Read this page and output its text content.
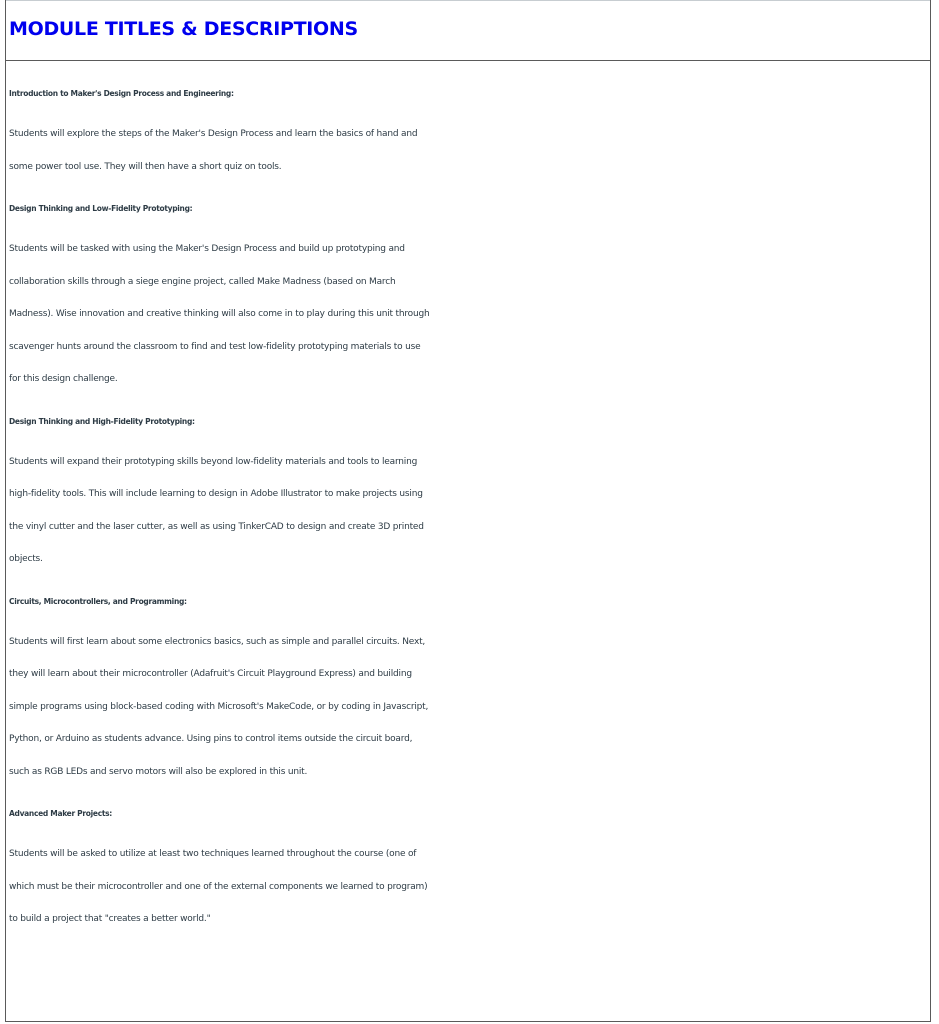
MODULE TITLES & DESCRIPTIONS

Introduction to Maker's Design Process and Engineering:

Students will explore the steps of the Maker's Design Process and learn the basics of hand and
some power tool use. They will then have a short quiz on tools.

Design Thinking and Low-Fidelity Prototyping:

Students will be tasked with using the Maker's Design Process and build up prototyping and
collaboration skills through a siege engine project, called Make Madness (based on March
Madness). Wise innovation and creative thinking will also come in to play during this unit through
scavenger hunts around the classroom to find and test low-fidelity prototyping materials to use
for this design challenge.

Design Thinking and High-Fidelity Prototyping:

Students will expand their prototyping skills beyond low-fidelity materials and tools to learning
high-fidelity tools. This will include learning to design in Adobe Illustrator to make projects using
the vinyl cutter and the laser cutter, as well as using TinkerCAD to design and create 3D printed
objects.

Circuits, Microcontrollers, and Programming:

Students will first learn about some electronics basics, such as simple and parallel circuits. Next,
they will learn about their microcontroller (Adafruit's Circuit Playground Express) and building
simple programs using block-based coding with Microsoft's MakeCode, or by coding in Javascript,
Python, or Arduino as students advance. Using pins to control items outside the circuit board,
such as RGB LEDs and servo motors will also be explored in this unit.

Advanced Maker Projects:

Students will be asked to utilize at least two techniques learned throughout the course (one of
which must be their microcontroller and one of the external components we learned to program)
to build a project that "creates a better world."
